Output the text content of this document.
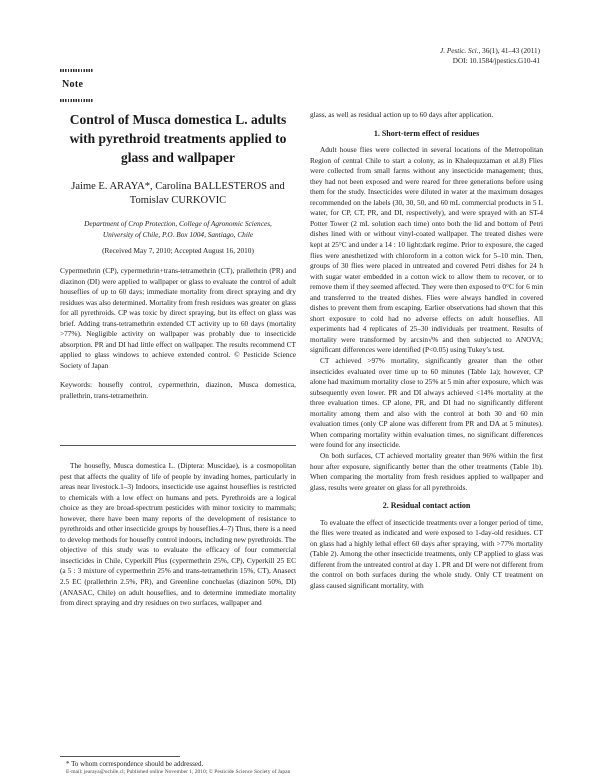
J. Pestic. Sci., 36(1), 41–43 (2011)
DOI: 10.1584/jpestics.G10-41
Note
Control of Musca domestica L. adults with pyrethroid treatments applied to glass and wallpaper
Jaime E. ARAYA*, Carolina BALLESTEROS and
Tomislav CURKOVIC
Department of Crop Protection, College of Agronomic Sciences,
University of Chile, P.O. Box 1004, Santiago, Chile
(Received May 7, 2010; Accepted August 16, 2010)

Cypermethrin (CP), cypermethrin+trans-tetramethrin (CT), prallethrin (PR) and diazinon (DI) were applied to wallpaper or glass to evaluate the control of adult houseflies of up to 60 days; immediate mortality from direct spraying and dry residues was also determined. Mortality from fresh residues was greater on glass for all pyrethroids. CP was toxic by direct spraying, but its effect on glass was brief. Adding trans-tetramethrin extended CT activity up to 60 days (mortality >77%). Negligible activity on wallpaper was probably due to insecticide absorption. PR and DI had little effect on wallpaper. The results recommend CT applied to glass windows to achieve extended control. © Pesticide Science Society of Japan

Keywords: housefly control, cypermethrin, diazinon, Musca domestica, prallethrin, trans-tetramethrin.

The housefly, Musca domestica L. (Diptera: Muscidae), is a cosmopolitan pest that affects the quality of life of people by invading homes, particularly in areas near livestock.1–3) Indoors, insecticide use against houseflies is restricted to chemicals with a low effect on humans and pets. Pyrethroids are a logical choice as they are broad-spectrum pesticides with minor toxicity to mammals; however, there have been many reports of the development of resistance to pyrethroids and other insecticide groups by houseflies.4–7) Thus, there is a need to develop methods for housefly control indoors, including new pyrethroids. The objective of this study was to evaluate the efficacy of four commercial insecticides in Chile, Cyperkill Plus (cypermethrin 25%, CP), Cyperkill 25 EC (a 5 : 3 mixture of cypermethrin 25% and trans-tetramethrin 15%, CT), Anasect 2.5 EC (prallethrin 2.5%, PR), and Greenline conchuelas (diazinon 50%, DI) (ANASAC, Chile) on adult houseflies, and to determine immediate mortality from direct spraying and dry residues on two surfaces, wallpaper and

* To whom correspondence should be addressed.

glass, as well as residual action up to 60 days after application.

1. Short-term effect of residues

Adult house flies were collected in several locations of the Metropolitan Region of central Chile to start a colony, as in Khalequzzaman et al.8) Flies were collected from small farms without any insecticide management; thus, they had not been exposed and were reared for three generations before using them for the study. Insecticides were diluted in water at the maximum dosages recommended on the labels (30, 30, 50, and 60 mL commercial products in 5 L water, for CP, CT, PR, and DI, respectively), and were sprayed with an ST-4 Potter Tower (2 mL solution each time) onto both the lid and bottom of Petri dishes lined with or without vinyl-coated wallpaper. The treated dishes were kept at 25°C and under a 14 : 10 light:dark regime. Prior to exposure, the caged flies were anesthetized with chloroform in a cotton wick for 5–10 min. Then, groups of 30 flies were placed in untreated and covered Petri dishes for 24 h with sugar water embedded in a cotton wick to allow them to recover, or to remove them if they seemed affected. They were then exposed to 0°C for 6 min and transferred to the treated dishes. Flies were always handled in covered dishes to prevent them from escaping. Earlier observations had shown that this short exposure to cold had no adverse effects on adult houseflies. All experiments had 4 replicates of 25–30 individuals per treatment. Results of mortality were transformed by arcsin√% and then subjected to ANOVA; significant differences were identified (P<0.05) using Tukey’s test.

CT achieved >97% mortality, significantly greater than the other insecticides evaluated over time up to 60 minutes (Table 1a); however, CP alone had maximum mortality close to 25% at 5 min after exposure, which was subsequently even lower. PR and DI always achieved <14% mortality at the three evaluation times. CP alone, PR, and DI had no significantly different mortality among them and also with the control at both 30 and 60 min evaluation times (only CP alone was different from PR and DA at 5 minutes). When comparing mortality within evaluation times, no significant differences were found for any insecticide.

On both surfaces, CT achieved mortality greater than 96% within the first hour after exposure, significantly better than the other treatments (Table 1b). When comparing the mortality from fresh residues applied to wallpaper and glass, results were greater on glass for all pyrethroids.

2. Residual contact action

To evaluate the effect of insecticide treatments over a longer period of time, the flies were treated as indicated and were exposed to 1-day-old residues. CT on glass had a highly lethal effect 60 days after spraying, with >77% mortality (Table 2). Among the other insecticide treatments, only CP applied to glass was different from the untreated control at day 1. PR and DI were not different from the control on both surfaces during the whole study. Only CT treatment on glass caused significant mortality, with

E-mail: jearaya@uchile.cl; Published online November 1, 2010; © Pesticide Science Society of Japan
